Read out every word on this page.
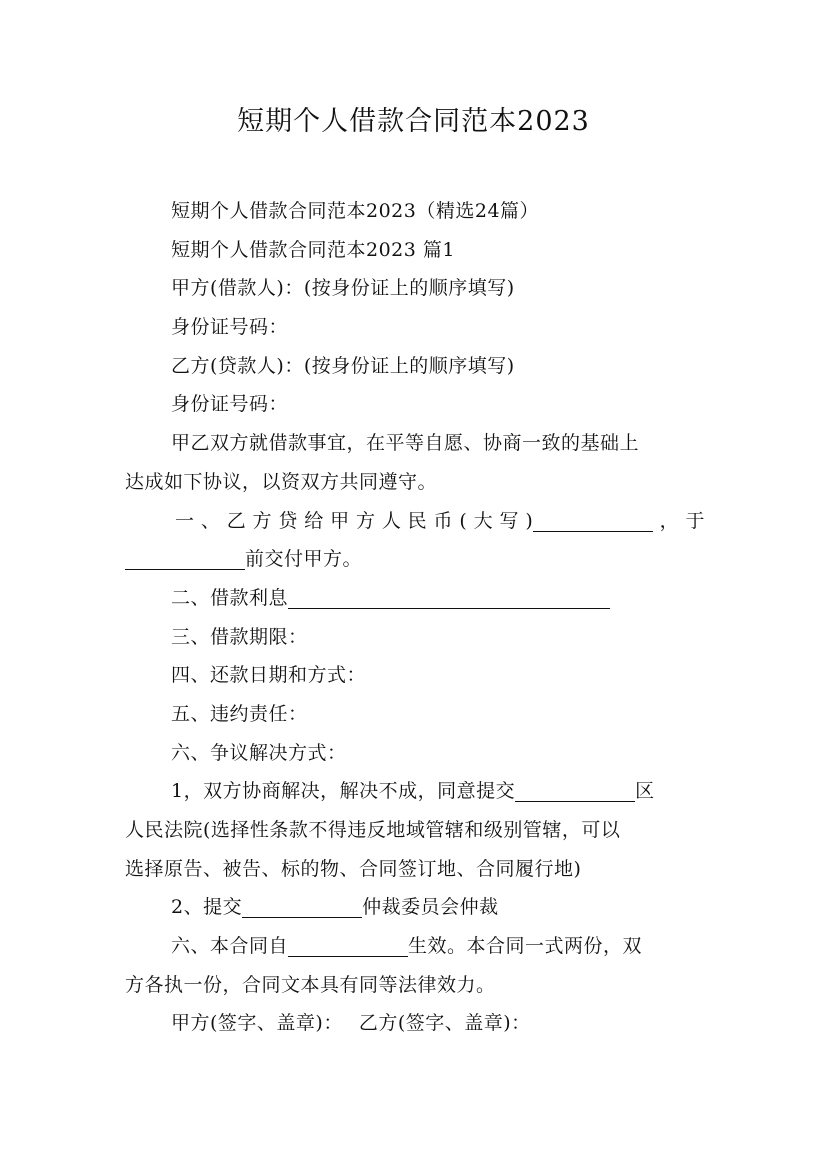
短期个人借款合同范本2023
短期个人借款合同范本2023（精选24篇）
短期个人借款合同范本2023 篇1
甲方(借款人)：(按身份证上的顺序填写)
身份证号码：
乙方(贷款人)：(按身份证上的顺序填写)
身份证号码：
甲乙双方就借款事宜，在平等自愿、协商一致的基础上
达成如下协议，以资双方共同遵守。
一、乙方贷给甲方人民币(大写)	，于
前交付甲方。
二、借款利息
三、借款期限：
四、还款日期和方式：
五、违约责任：
六、争议解决方式：
1，双方协商解决，解决不成，同意提交	区
人民法院(选择性条款不得违反地域管辖和级别管辖，可以
选择原告、被告、标的物、合同签订地、合同履行地)
2、提交	仲裁委员会仲裁
六、本合同自	生效。本合同一式两份，双
方各执一份，合同文本具有同等法律效力。
甲方(签字、盖章)： 乙方(签字、盖章)：
